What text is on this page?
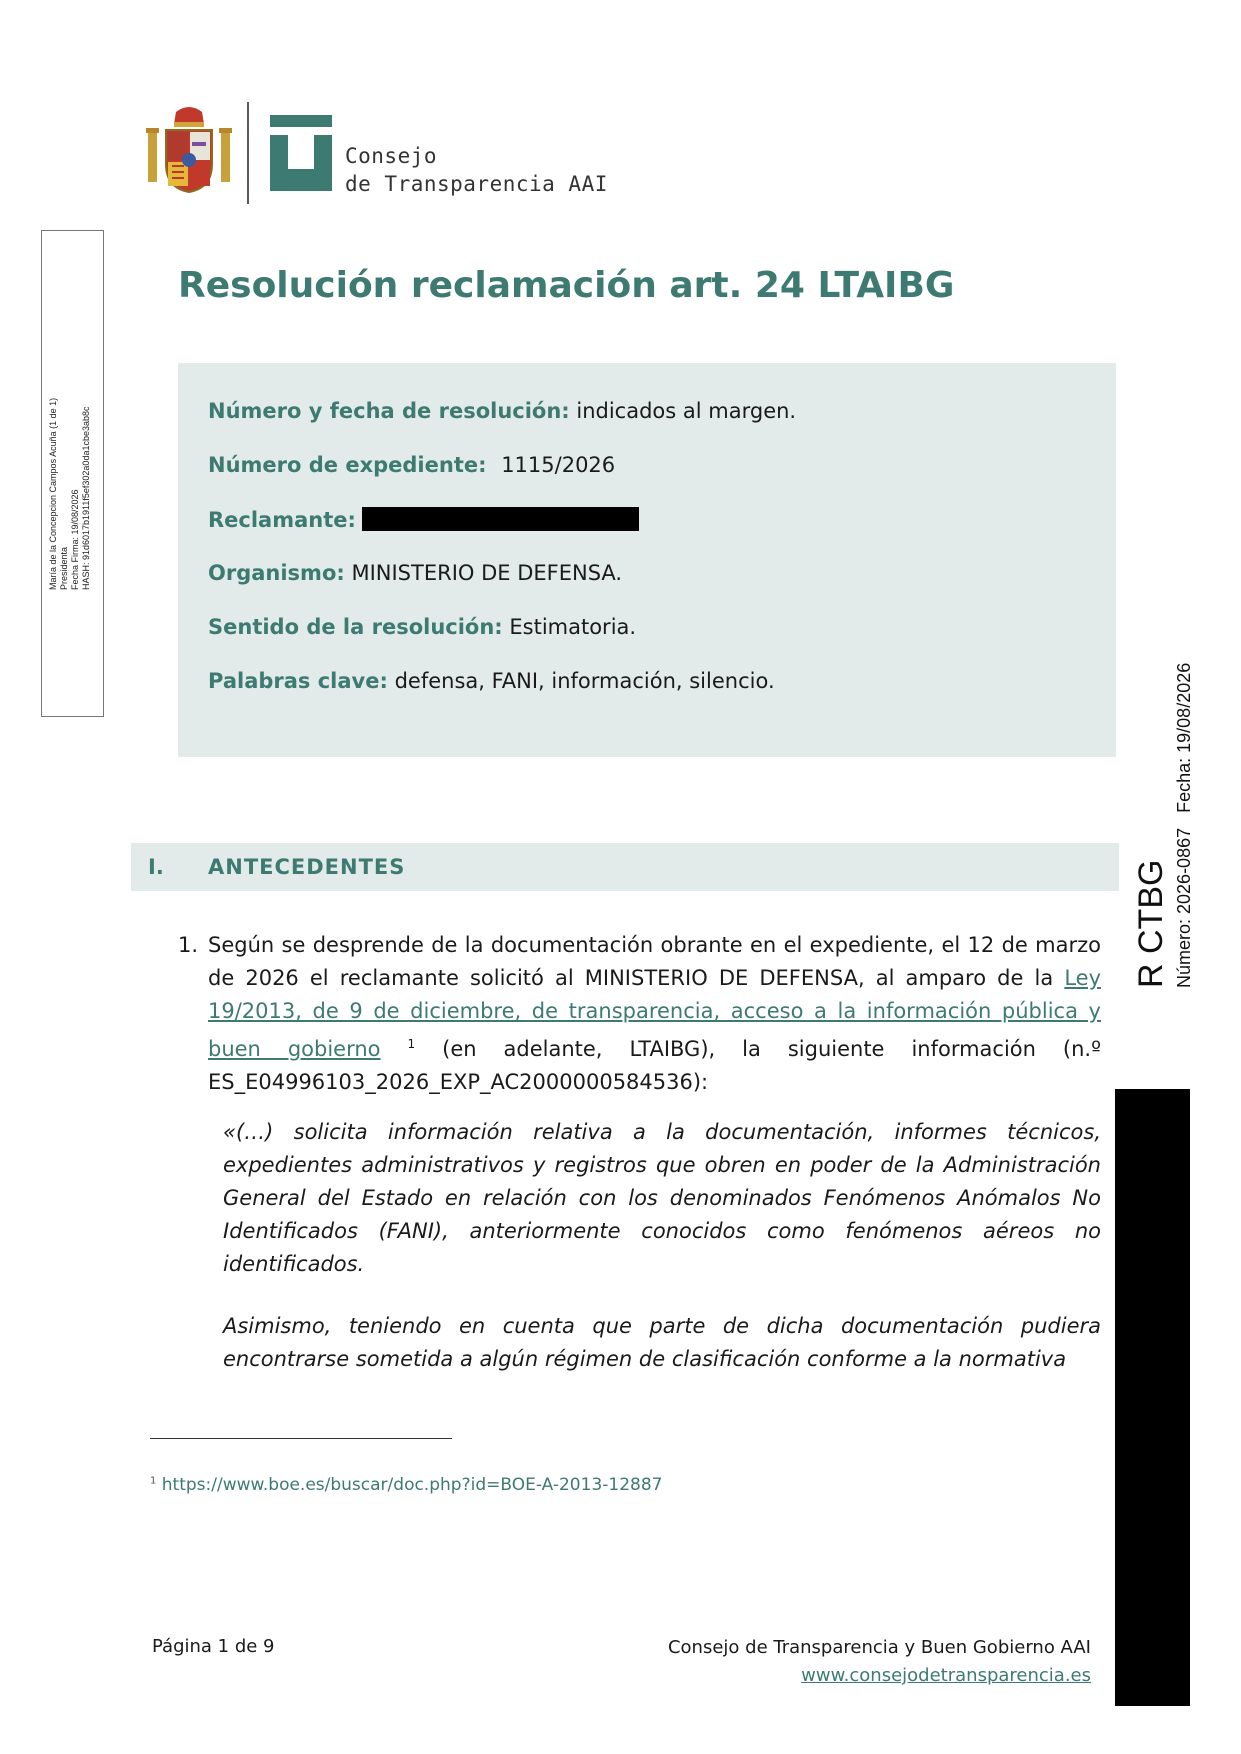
Consejo
de Transparencia AAI
María de la Concepcion Campos Acuña (1 de 1) Presidenta Fecha Firma: 19/08/2026 HASH: 91d6017b1911f5ef302a0da1cbe3ab8c
Resolución reclamación art. 24 LTAIBG
Número y fecha de resolución: indicados al margen.
Número de expediente: 1115/2026
Reclamante:
Organismo: MINISTERIO DE DEFENSA.
Sentido de la resolución: Estimatoria.
Palabras clave: defensa, FANI, información, silencio.
I. ANTECEDENTES
1. Según se desprende de la documentación obrante en el expediente, el 12 de marzo de 2026 el reclamante solicitó al MINISTERIO DE DEFENSA, al amparo de la Ley 19/2013, de 9 de diciembre, de transparencia, acceso a la información pública y buen gobierno $^1$ (en adelante, LTAIBG), la siguiente información (n.º ES_E04996103_2026_EXP_AC2000000584536):
«(…) solicita información relativa a la documentación, informes técnicos, expedientes administrativos y registros que obren en poder de la Administración General del Estado en relación con los denominados Fenómenos Anómalos No Identificados (FANI), anteriormente conocidos como fenómenos aéreos no identificados.
Asimismo, teniendo en cuenta que parte de dicha documentación pudiera encontrarse sometida a algún régimen de clasificación conforme a la normativa
$^1$ https://www.boe.es/buscar/doc.php?id=BOE-A-2013-12887
Página 1 de 9	Consejo de Transparencia y Buen Gobierno AAI
www.consejodetransparencia.es
R CTBG Número: 2026-0867   Fecha: 19/08/2026
